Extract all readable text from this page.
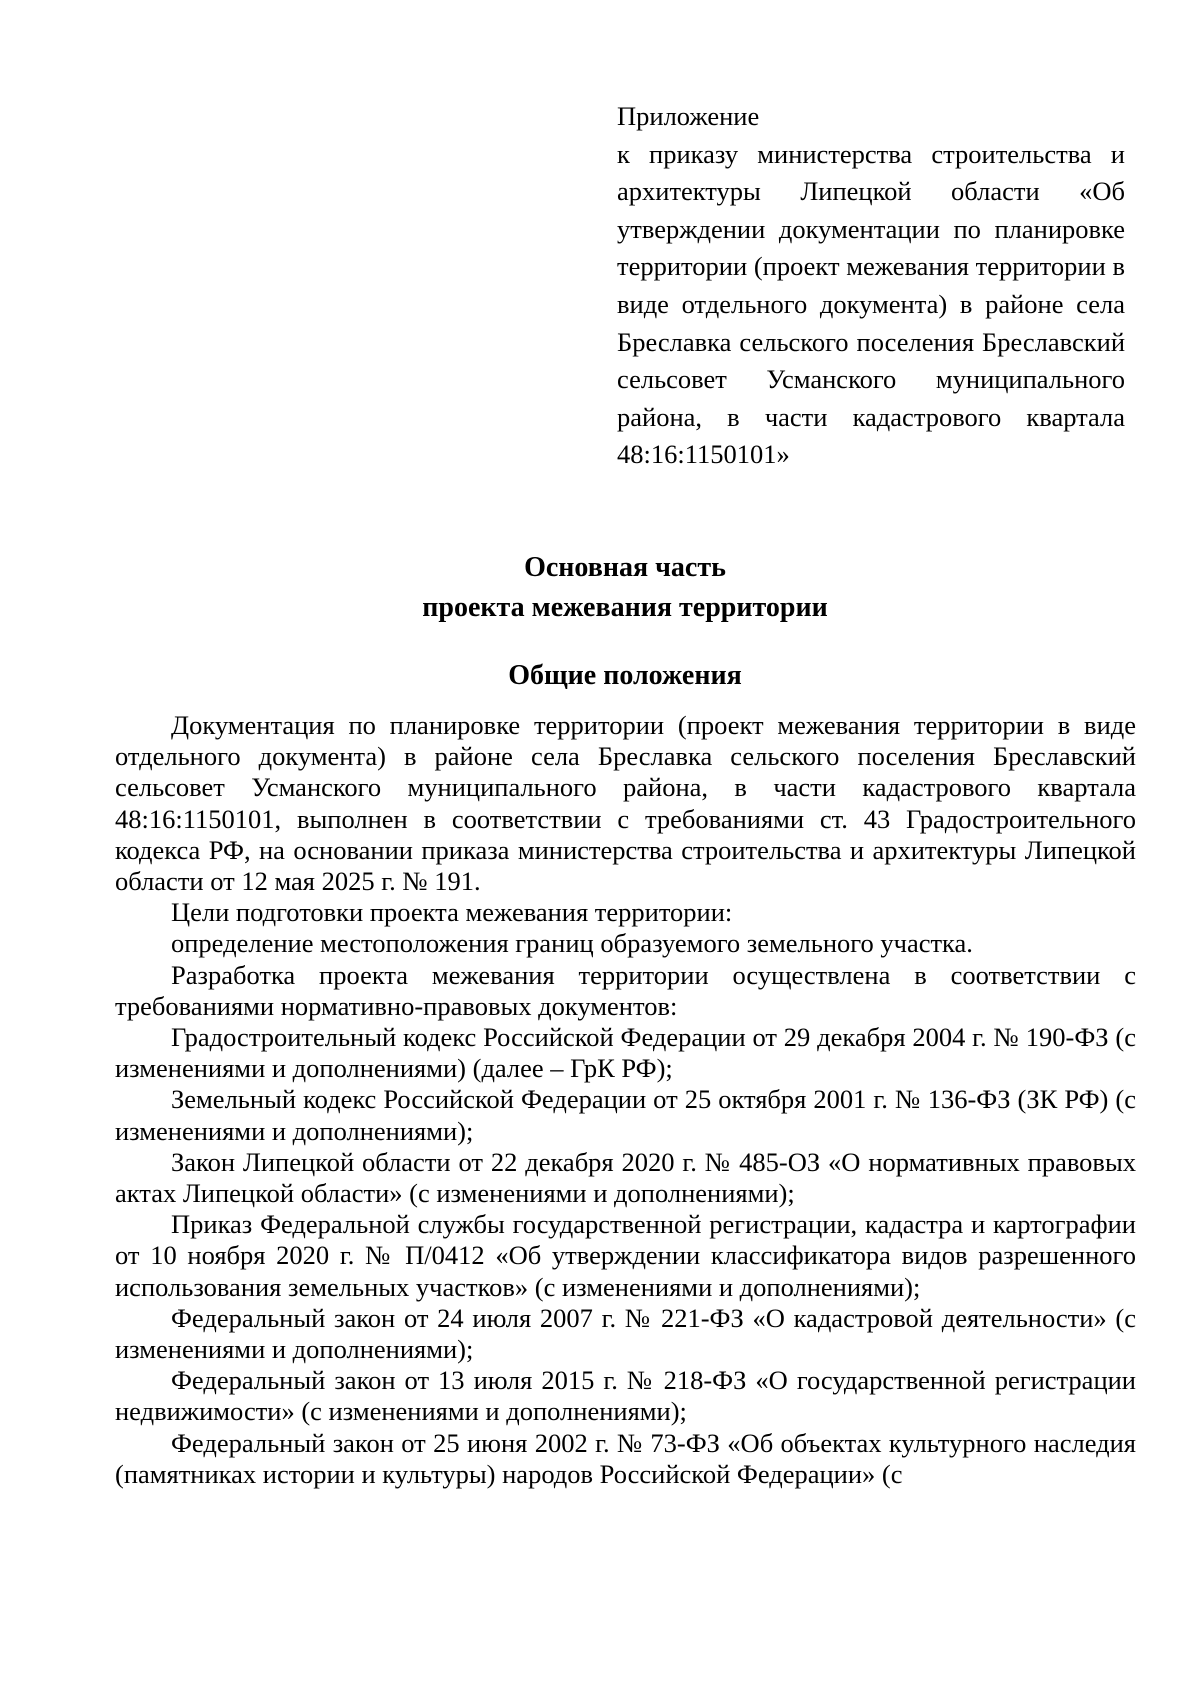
Приложение

к приказу министерства строительства и архитектуры Липецкой области «Об утверждении документации по планировке территории (проект межевания территории в виде отдельного документа) в районе села Бреславка сельского поселения Бреславский сельсовет Усманского муниципального района, в части кадастрового квартала 48:16:1150101»

Основная часть
проекта межевания территории
Общие положения

Документация по планировке территории (проект межевания территории в виде отдельного документа) в районе села Бреславка сельского поселения Бреславский сельсовет Усманского муниципального района, в части кадастрового квартала 48:16:1150101, выполнен в соответствии с требованиями ст. 43 Градостроительного кодекса РФ, на основании приказа министерства строительства и архитектуры Липецкой области от 12 мая 2025 г. № 191.

Цели подготовки проекта межевания территории:

определение местоположения границ образуемого земельного участка.

Разработка проекта межевания территории осуществлена в соответствии с требованиями нормативно-правовых документов:

Градостроительный кодекс Российской Федерации от 29 декабря 2004 г. № 190-ФЗ (с изменениями и дополнениями) (далее – ГрК РФ);

Земельный кодекс Российской Федерации от 25 октября 2001 г. № 136-ФЗ (ЗК РФ) (с изменениями и дополнениями);

Закон Липецкой области от 22 декабря 2020 г. № 485-ОЗ «О нормативных правовых актах Липецкой области» (с изменениями и дополнениями);

Приказ Федеральной службы государственной регистрации, кадастра и картографии от 10 ноября 2020 г. № П/0412 «Об утверждении классификатора видов разрешенного использования земельных участков» (с изменениями и дополнениями);

Федеральный закон от 24 июля 2007 г. № 221-ФЗ «О кадастровой деятельности» (с изменениями и дополнениями);

Федеральный закон от 13 июля 2015 г. № 218-ФЗ «О государственной регистрации недвижимости» (с изменениями и дополнениями);

Федеральный закон от 25 июня 2002 г. № 73-ФЗ «Об объектах культурного наследия (памятниках истории и культуры) народов Российской Федерации» (с
